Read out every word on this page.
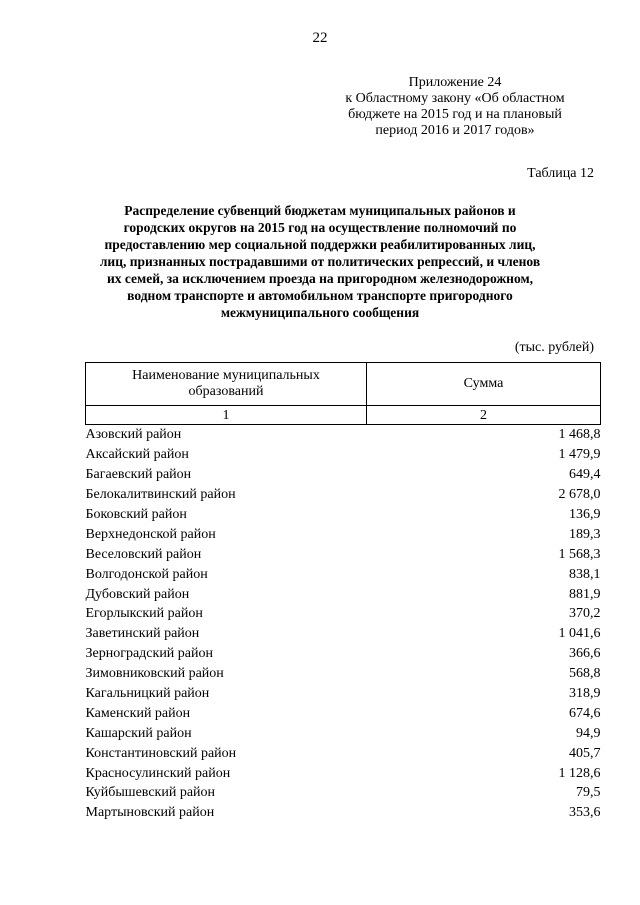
22
Приложение 24
к Областному закону «Об областном
бюджете на 2015 год и на плановый
период 2016 и 2017 годов»
Таблица 12
Распределение субвенций бюджетам муниципальных районов и
городских округов на 2015 год на осуществление полномочий по
предоставлению мер социальной поддержки реабилитированных лиц,
лиц, признанных пострадавшими от политических репрессий, и членов
их семей, за исключением проезда на пригородном железнодорожном,
водном транспорте и автомобильном транспорте пригородного
межмуниципального сообщения
(тыс. рублей)
Наименование муниципальных
образований	Сумма
1	2
Азовский район	1 468,8
Аксайский район	1 479,9
Багаевский район	649,4
Белокалитвинский район	2 678,0
Боковский район	136,9
Верхнедонской район	189,3
Веселовский район	1 568,3
Волгодонской район	838,1
Дубовский район	881,9
Егорлыкский район	370,2
Заветинский район	1 041,6
Зерноградский район	366,6
Зимовниковский район	568,8
Кагальницкий район	318,9
Каменский район	674,6
Кашарский район	94,9
Константиновский район	405,7
Красносулинский район	1 128,6
Куйбышевский район	79,5
Мартыновский район	353,6
